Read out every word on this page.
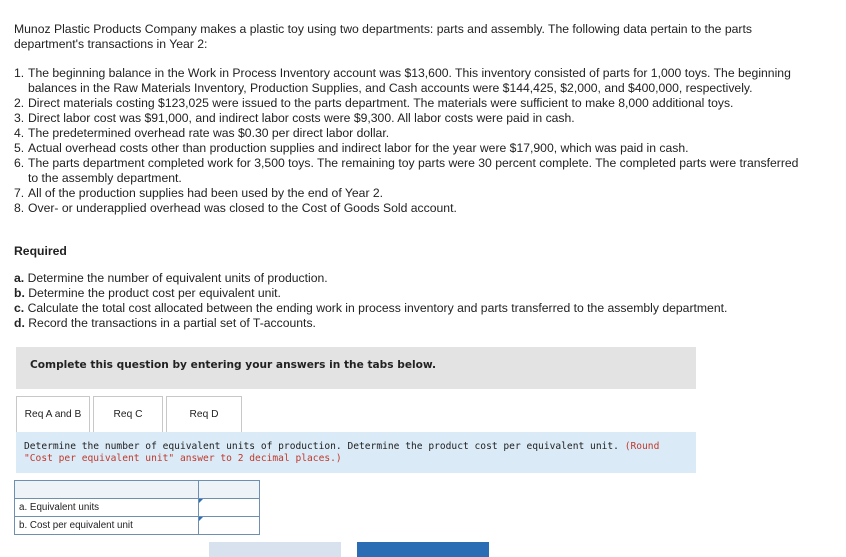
Munoz Plastic Products Company makes a plastic toy using two departments: parts and assembly. The following data pertain to the parts department's transactions in Year 2:
1. The beginning balance in the Work in Process Inventory account was $13,600. This inventory consisted of parts for 1,000 toys. The beginning balances in the Raw Materials Inventory, Production Supplies, and Cash accounts were $144,425, $2,000, and $400,000, respectively.
2. Direct materials costing $123,025 were issued to the parts department. The materials were sufficient to make 8,000 additional toys.
3. Direct labor cost was $91,000, and indirect labor costs were $9,300. All labor costs were paid in cash.
4. The predetermined overhead rate was $0.30 per direct labor dollar.
5. Actual overhead costs other than production supplies and indirect labor for the year were $17,900, which was paid in cash.
6. The parts department completed work for 3,500 toys. The remaining toy parts were 30 percent complete. The completed parts were transferred to the assembly department.
7. All of the production supplies had been used by the end of Year 2.
8. Over- or underapplied overhead was closed to the Cost of Goods Sold account.
Required
a. Determine the number of equivalent units of production.
b. Determine the product cost per equivalent unit.
c. Calculate the total cost allocated between the ending work in process inventory and parts transferred to the assembly department.
d. Record the transactions in a partial set of T-accounts.
Complete this question by entering your answers in the tabs below.
Req A and B	Req C	Req D
Determine the number of equivalent units of production. Determine the product cost per equivalent unit. (Round "Cost per equivalent unit" answer to 2 decimal places.)

a. Equivalent units	

b. Cost per equivalent unit	
